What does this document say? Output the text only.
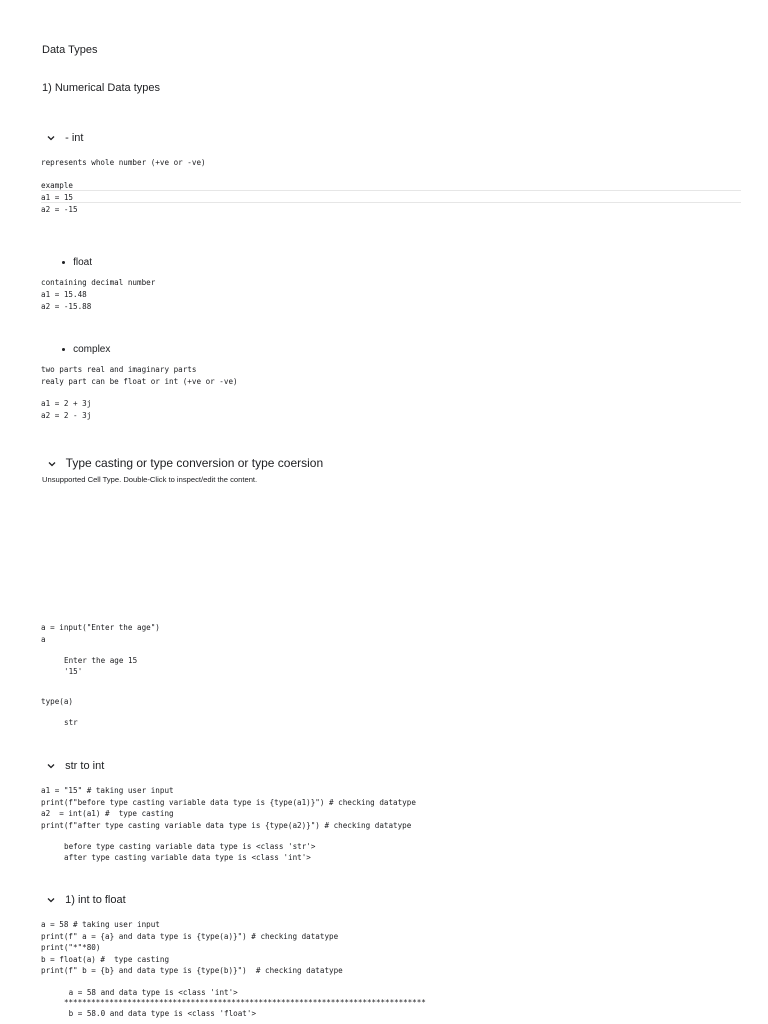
Data Types
1) Numerical Data types

- int

represents whole number (+ve or -ve)
example
a1 = 15
a2 = -15

float

containing decimal number
a1 = 15.48
a2 = -15.88

complex

two parts real and imaginary parts
realy part can be float or int (+ve or -ve)
a1 = 2 + 3j
a2 = 2 - 3j

Type casting or type conversion or type coersion

Unsupported Cell Type. Double-Click to inspect/edit the content.
a = input("Enter the age")
a
Enter the age 15
'15'
type(a)
str

str to int

a1 = "15" # taking user input
print(f"before type casting variable data type is {type(a1)}") # checking datatype
a2  = int(a1) #  type casting
print(f"after type casting variable data type is {type(a2)}") # checking datatype
before type casting variable data type is <class 'str'>
after type casting variable data type is <class 'int'>

1) int to float

a = 58 # taking user input
print(f" a = {a} and data type is {type(a)}") # checking datatype
print("*"*80)
b = float(a) #  type casting
print(f" b = {b} and data type is {type(b)}")  # checking datatype
a = 58 and data type is <class 'int'>
********************************************************************************
b = 58.0 and data type is <class 'float'>
